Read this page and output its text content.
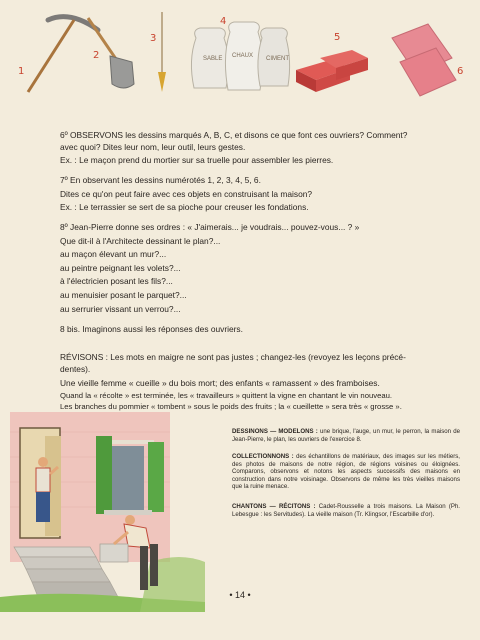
SABLE CHAUX CIMENT
1
2
3
4
5
6

6º OBSERVONS les dessins marqués A, B, C, et disons ce que font ces ouvriers? Comment?

avec quoi? Dites leur nom, leur outil, leurs gestes.

Ex. : Le maçon prend du mortier sur sa truelle pour assembler les pierres.

7º En observant les dessins numérotés 1, 2, 3, 4, 5, 6.

Dites ce qu'on peut faire avec ces objets en construisant la maison?

Ex. : Le terrassier se sert de sa pioche pour creuser les fondations.

8º Jean-Pierre donne ses ordres : « J'aimerais... je voudrais... pouvez-vous... ? »

Que dit-il à l'Architecte dessinant le plan?...

au maçon élevant un mur?...

au peintre peignant les volets?...

à l'électricien posant les fils?...

au menuisier posant le parquet?...

au serrurier vissant un verrou?...

8 bis. Imaginons aussi les réponses des ouvriers.

RÉVISONS : Les mots en maigre ne sont pas justes ; changez-les (revoyez les leçons précé-

dentes).

Une vieille femme « cueille » du bois mort; des enfants « ramassent » des framboises.

Quand la « récolte » est terminée, les « travailleurs » quittent la vigne en chantant le vin nouveau.

Les branches du pommier « tombent » sous le poids des fruits ; la « cueillette » sera très « grosse ».

DESSINONS — MODELONS : une brique, l'auge, un mur, le perron, la maison de Jean-Pierre, le plan, les ouvriers de l'exercice 8.

COLLECTIONNONS : des échantillons de matériaux, des images sur les métiers, des photos de maisons de notre région, de régions voisines ou éloignées. Comparons, observons et notons les aspects successifs des maisons en construction dans notre voisinage. Observons de même les très vieilles maisons que la ruine menace.

CHANTONS — RÉCITONS : Cadet-Rousselle a trois maisons. La Maison (Ph. Lebesgue : les Servitudes). La vieille maison (Tr. Klingsor, l'Escarbille d'or).

• 14 •
